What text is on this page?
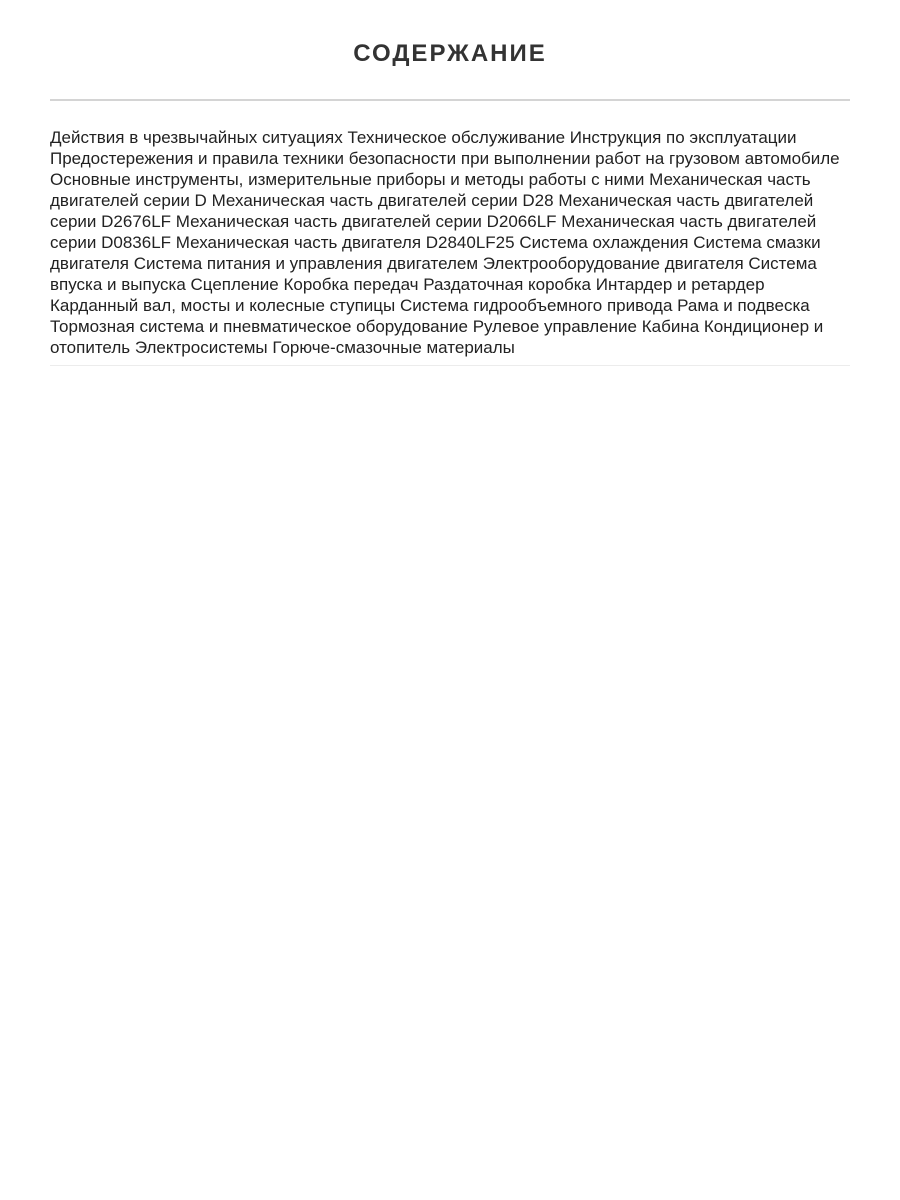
СОДЕРЖАНИЕ
Действия в чрезвычайных ситуациях Техническое обслуживание Инструкция по эксплуатации Предостережения и правила техники безопасности при выполнении работ на грузовом автомобиле Основные инструменты, измерительные приборы и методы работы с ними Механическая часть двигателей серии D Механическая часть двигателей серии D28 Механическая часть двигателей серии D2676LF Механическая часть двигателей серии D2066LF Механическая часть двигателей серии D0836LF Механическая часть двигателя D2840LF25 Система охлаждения Система смазки двигателя Система питания и управления двигателем Электрооборудование двигателя Система впуска и выпуска Сцепление Коробка передач Раздаточная коробка Интардер и ретардер Карданный вал, мосты и колесные ступицы Система гидрообъемного привода Рама и подвеска Тормозная система и пневматическое оборудование Рулевое управление Кабина Кондиционер и отопитель Электросистемы Горюче-смазочные материалы
